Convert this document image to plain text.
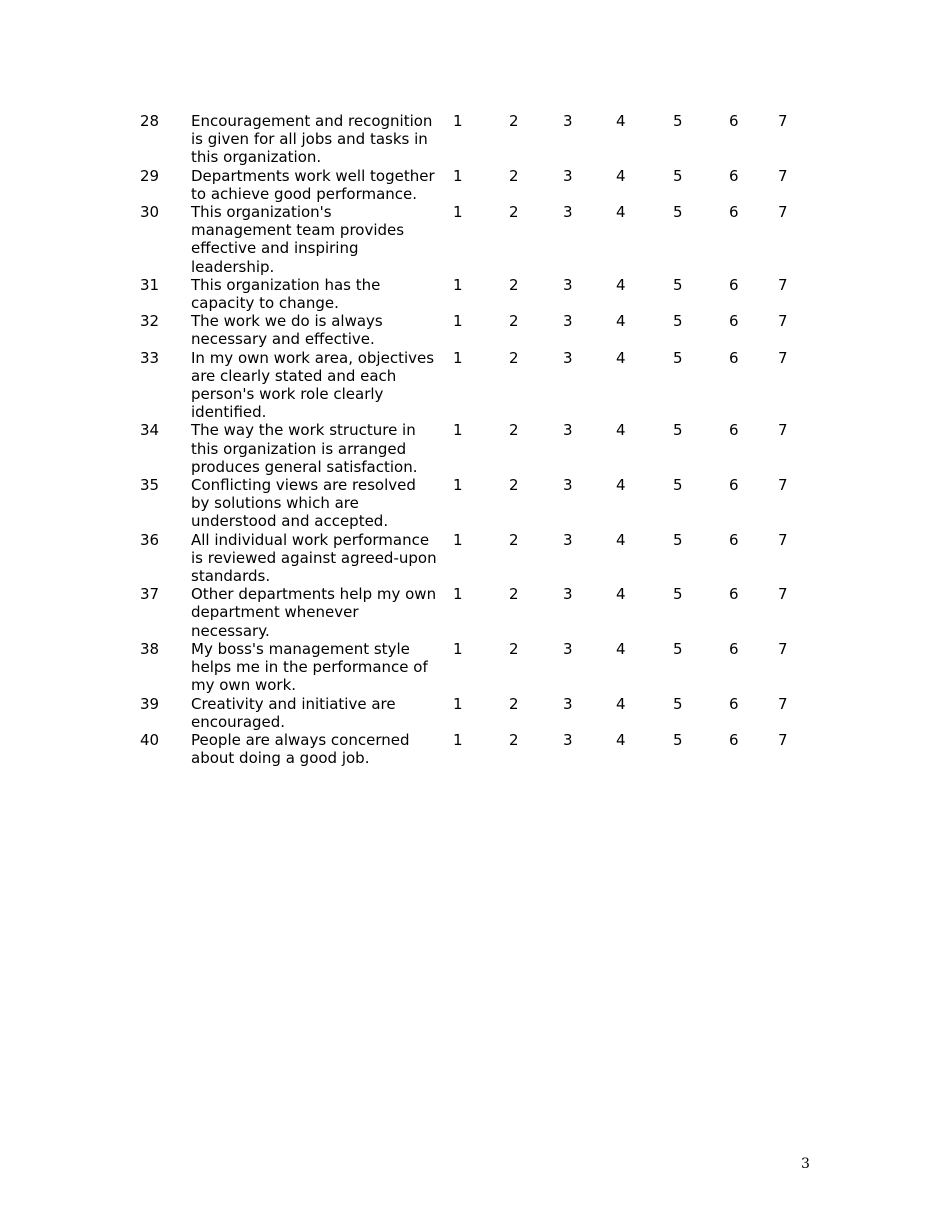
28	Encouragement and recognition
is given for all jobs and tasks in
this organization.
1	2	3	4	5	6	7
29	Departments work well together
to achieve good performance.
1	2	3	4	5	6	7
30	This organization's
management team provides
effective and inspiring
leadership.
1	2	3	4	5	6	7
31	This organization has the
capacity to change.
1	2	3	4	5	6	7
32	The work we do is always
necessary and effective.
1	2	3	4	5	6	7
33	In my own work area, objectives
are clearly stated and each
person's work role clearly
identified.
1	2	3	4	5	6	7
34	The way the work structure in
this organization is arranged
produces general satisfaction.
1	2	3	4	5	6	7
35	Conflicting views are resolved
by solutions which are
understood and accepted.
1	2	3	4	5	6	7
36	All individual work performance
is reviewed against agreed-upon
standards.
1	2	3	4	5	6	7
37	Other departments help my own
department whenever
necessary.
1	2	3	4	5	6	7
38	My boss's management style
helps me in the performance of
my own work.
1	2	3	4	5	6	7
39	Creativity and initiative are
encouraged.
1	2	3	4	5	6	7
40	People are always concerned
about doing a good job.
1	2	3	4	5	6	7
3
